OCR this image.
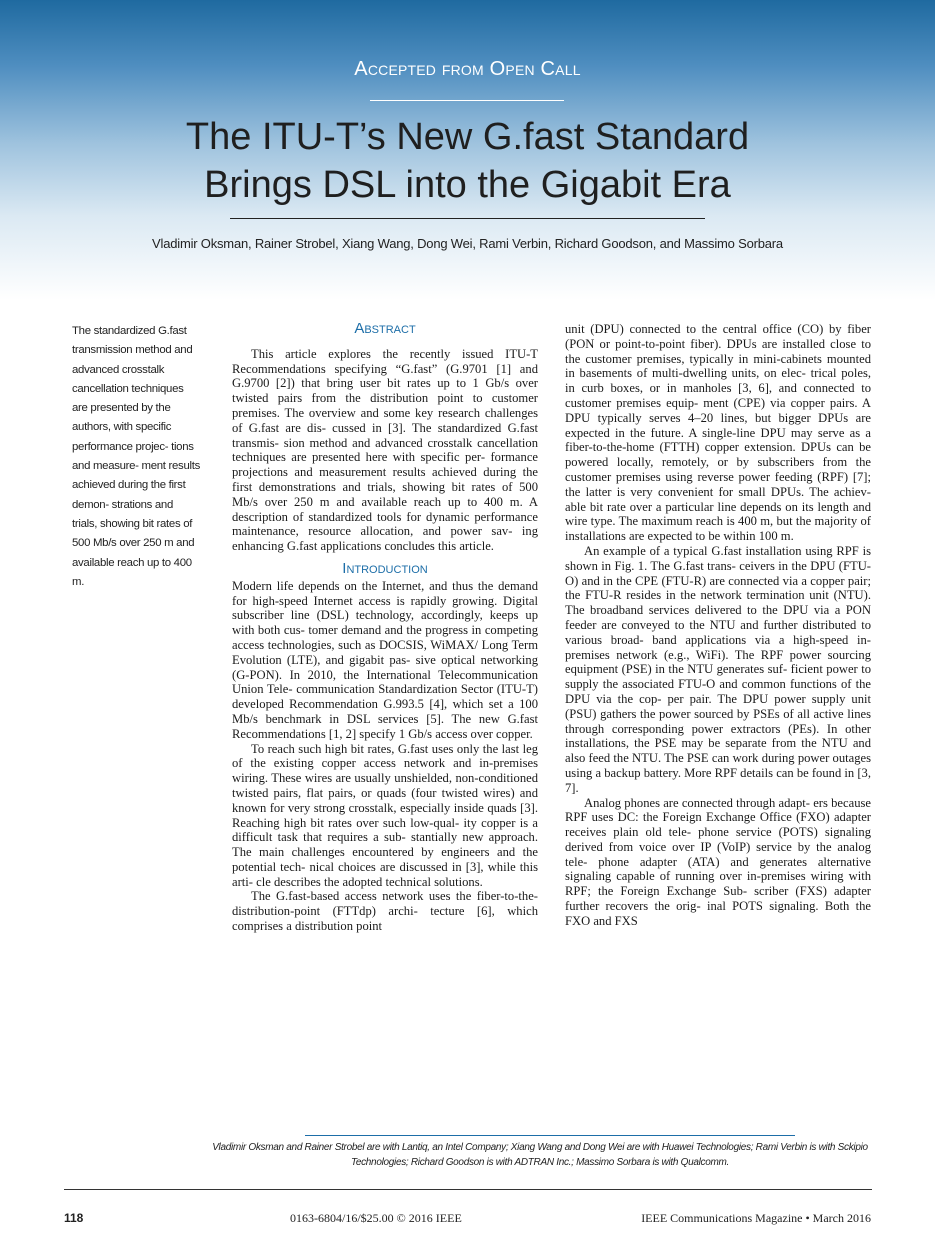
Accepted from Open Call
The ITU-T’s New G.fast Standard
Brings DSL into the Gigabit Era
Vladimir Oksman, Rainer Strobel, Xiang Wang, Dong Wei, Rami Verbin, Richard Goodson, and Massimo Sorbara
The standardized G.fast transmission method and advanced crosstalk cancellation techniques are presented by the authors, with specific performance projec- tions and measure- ment results achieved during the first demon- strations and trials, showing bit rates of 500 Mb/s over 250 m and available reach up to 400 m.
Abstract

This article explores the recently issued ITU-T Recommendations specifying “G.fast” (G.9701 [1] and G.9700 [2]) that bring user bit rates up to 1 Gb/s over twisted pairs from the distribution point to customer premises. The overview and some key research challenges of G.fast are dis- cussed in [3]. The standardized G.fast transmis- sion method and advanced crosstalk cancellation techniques are presented here with specific per- formance projections and measurement results achieved during the first demonstrations and trials, showing bit rates of 500 Mb/s over 250 m and available reach up to 400 m. A description of standardized tools for dynamic performance maintenance, resource allocation, and power sav- ing enhancing G.fast applications concludes this article.

Introduction

Modern life depends on the Internet, and thus the demand for high-speed Internet access is rapidly growing. Digital subscriber line (DSL) technology, accordingly, keeps up with both cus- tomer demand and the progress in competing access technologies, such as DOCSIS, WiMAX/ Long Term Evolution (LTE), and gigabit pas- sive optical networking (G-PON). In 2010, the International Telecommunication Union Tele- communication Standardization Sector (ITU-T) developed Recommendation G.993.5 [4], which set a 100 Mb/s benchmark in DSL services [5]. The new G.fast Recommendations [1, 2] specify 1 Gb/s access over copper.

To reach such high bit rates, G.fast uses only the last leg of the existing copper access network and in-premises wiring. These wires are usually unshielded, non-conditioned twisted pairs, flat pairs, or quads (four twisted wires) and known for very strong crosstalk, especially inside quads [3]. Reaching high bit rates over such low-qual- ity copper is a difficult task that requires a sub- stantially new approach. The main challenges encountered by engineers and the potential tech- nical choices are discussed in [3], while this arti- cle describes the adopted technical solutions.

The G.fast-based access network uses the fiber-to-the-distribution-point (FTTdp) archi- tecture [6], which comprises a distribution point

unit (DPU) connected to the central office (CO) by fiber (PON or point-to-point fiber). DPUs are installed close to the customer premises, typically in mini-cabinets mounted in basements of multi-dwelling units, on elec- trical poles, in curb boxes, or in manholes [3, 6], and connected to customer premises equip- ment (CPE) via copper pairs. A DPU typically serves 4–20 lines, but bigger DPUs are expected in the future. A single-line DPU may serve as a fiber-to-the-home (FTTH) copper extension. DPUs can be powered locally, remotely, or by subscribers from the customer premises using reverse power feeding (RPF) [7]; the latter is very convenient for small DPUs. The achiev- able bit rate over a particular line depends on its length and wire type. The maximum reach is 400 m, but the majority of installations are expected to be within 100 m.

An example of a typical G.fast installation using RPF is shown in Fig. 1. The G.fast trans- ceivers in the DPU (FTU-O) and in the CPE (FTU-R) are connected via a copper pair; the FTU-R resides in the network termination unit (NTU). The broadband services delivered to the DPU via a PON feeder are conveyed to the NTU and further distributed to various broad- band applications via a high-speed in-premises network (e.g., WiFi). The RPF power sourcing equipment (PSE) in the NTU generates suf- ficient power to supply the associated FTU-O and common functions of the DPU via the cop- per pair. The DPU power supply unit (PSU) gathers the power sourced by PSEs of all active lines through corresponding power extractors (PEs). In other installations, the PSE may be separate from the NTU and also feed the NTU. The PSE can work during power outages using a backup battery. More RPF details can be found in [3, 7].

Analog phones are connected through adapt- ers because RPF uses DC: the Foreign Exchange Office (FXO) adapter receives plain old tele- phone service (POTS) signaling derived from voice over IP (VoIP) service by the analog tele- phone adapter (ATA) and generates alternative signaling capable of running over in-premises wiring with RPF; the Foreign Exchange Sub- scriber (FXS) adapter further recovers the orig- inal POTS signaling. Both the FXO and FXS

Vladimir Oksman and Rainer Strobel are with Lantiq, an Intel Company; Xiang Wang and Dong Wei are with Huawei Technologies; Rami Verbin is with Sckipio Technologies; Richard Goodson is with ADTRAN Inc.; Massimo Sorbara is with Qualcomm.
118	0163-6804/16/$25.00 © 2016 IEEE	IEEE Communications Magazine • March 2016
